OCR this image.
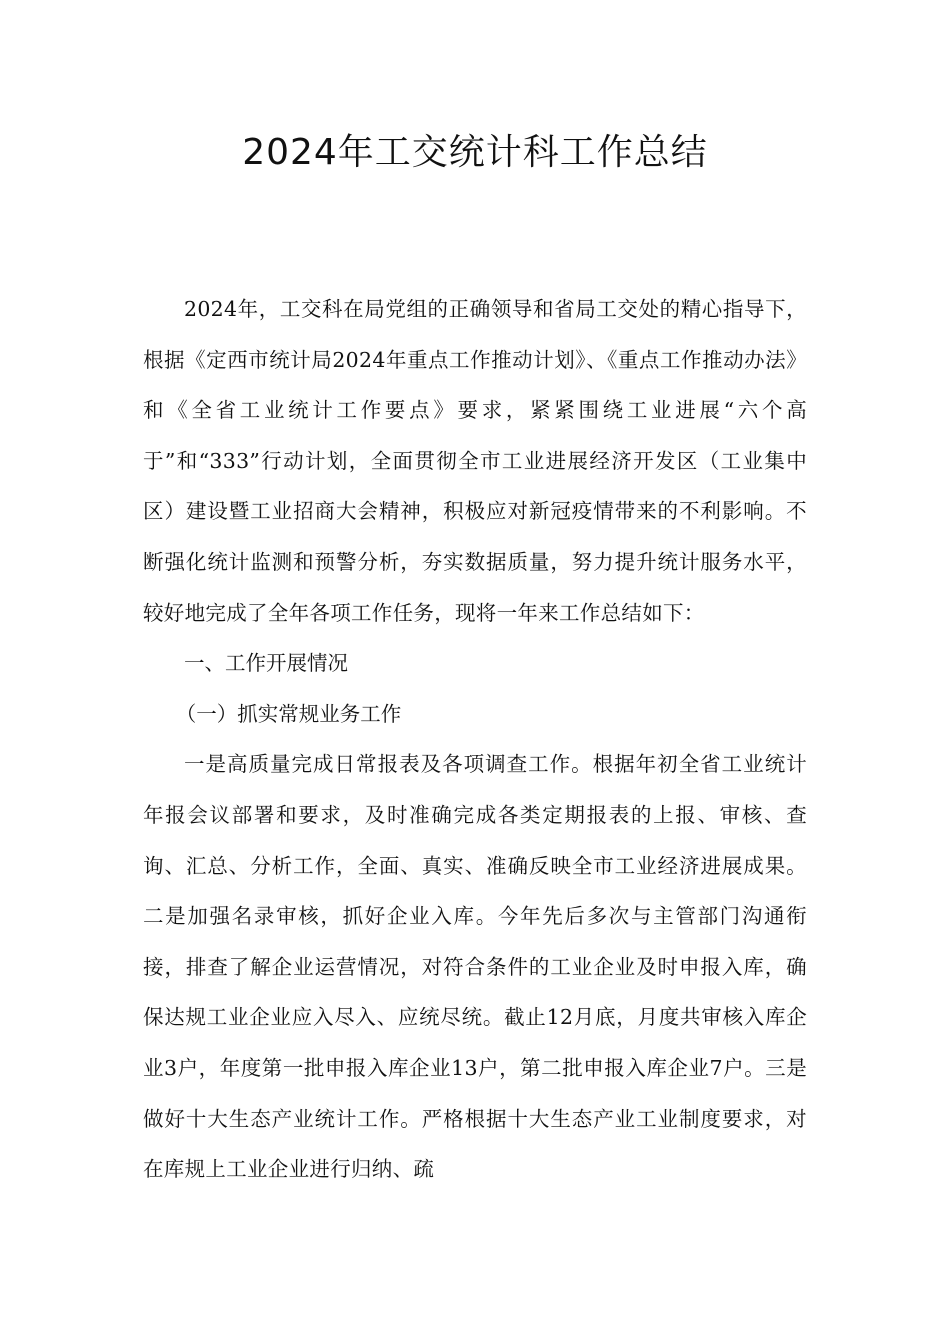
2024年工交统计科工作总结

2024年，工交科在局党组的正确领导和省局工交处的精心指导下，根据《定西市统计局2024年重点工作推动计划》、《重点工作推动办法》和《全省工业统计工作要点》要求，紧紧围绕工业进展“六个高于”和“333”行动计划，全面贯彻全市工业进展经济开发区（工业集中区）建设暨工业招商大会精神，积极应对新冠疫情带来的不利影响。不断强化统计监测和预警分析，夯实数据质量，努力提升统计服务水平，较好地完成了全年各项工作任务，现将一年来工作总结如下：

一、工作开展情况

（一）抓实常规业务工作

一是高质量完成日常报表及各项调查工作。根据年初全省工业统计年报会议部署和要求，及时准确完成各类定期报表的上报、审核、查询、汇总、分析工作，全面、真实、准确反映全市工业经济进展成果。二是加强名录审核，抓好企业入库。今年先后多次与主管部门沟通衔接，排查了解企业运营情况，对符合条件的工业企业及时申报入库，确保达规工业企业应入尽入、应统尽统。截止12月底，月度共审核入库企业3户，年度第一批申报入库企业13户，第二批申报入库企业7户。三是做好十大生态产业统计工作。严格根据十大生态产业工业制度要求，对在库规上工业企业进行归纳、疏
